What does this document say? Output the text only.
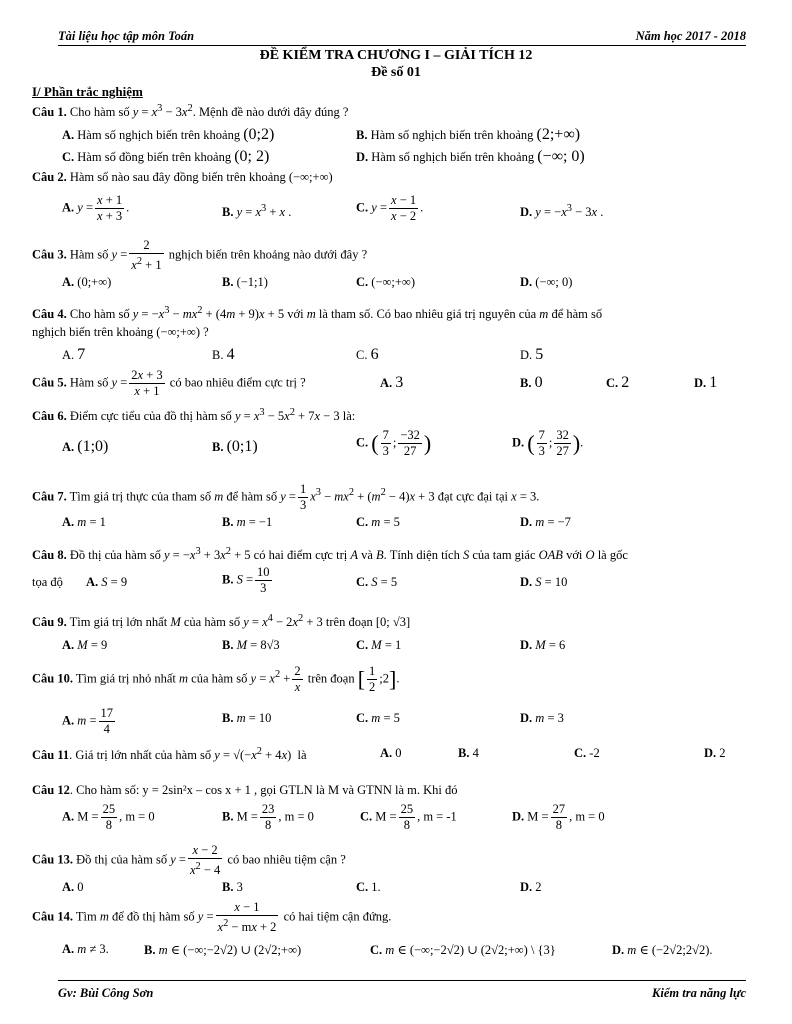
Tài liệu học tập môn Toán	Năm học 2017 - 2018
ĐỀ KIỂM TRA CHƯƠNG I – GIẢI TÍCH 12
Đề số 01
I/ Phần trắc nghiệm
Câu 1. Cho hàm số $y = x^3 - 3x^2$. Mệnh đề nào dưới đây đúng ?
A. Hàm số nghịch biến trên khoảng (0;2)	B. Hàm số nghịch biến trên khoảng (2;+∞)
C. Hàm số đồng biến trên khoảng (0; 2)	D. Hàm số nghịch biến trên khoảng (−∞; 0)
Câu 2. Hàm số nào sau đây đồng biến trên khoảng (−∞;+∞)
A. $y = \frac{x + 1}{x + 3}$ .	B. $y = x^3 + x$ .	C. $y = \frac{x - 1}{x - 2}$ .	D. $y = -x^3 - 3x$ .
Câu 3. Hàm số $y = \frac{2}{x^2 + 1}$ nghịch biến trên khoảng nào dưới đây ?
A. (0;+∞)	B. (−1;1)	C. (−∞;+∞)	D. (−∞; 0)
Câu 4. Cho hàm số $y = -x^3 - mx^2 + (4m + 9)x + 5$ với m là tham số. Có bao nhiêu giá trị nguyên của m để hàm số
nghịch biến trên khoảng (−∞;+∞) ?
A. 7	B. 4	C. 6	D. 5
Câu 5. Hàm số $y = \frac{2x + 3}{x + 1}$ có bao nhiêu điểm cực trị ?	A. 3	B. 0	C. 2	D. 1
Câu 6. Điểm cực tiểu của đồ thị hàm số $y = x^3 - 5x^2 + 7x - 3$ là:
A. (1;0)	B. (0;1)	C. ( $\frac{7}{3}$ ; $\frac{-32}{27}$ )	D. ( $\frac{7}{3}$ ; $\frac{32}{27}$ ).
Câu 7. Tìm giá trị thực của tham số m để hàm số $y = \frac{1}{3} x^3 - mx^2 + (m^2 - 4)x + 3$ đạt cực đại tại x = 3.
A. m = 1	B. m = −1	C. m = 5	D. m = −7
Câu 8. Đồ thị của hàm số $y = -x^3 + 3x^2 + 5$ có hai điểm cực trị A và B. Tính diện tích S của tam giác OAB với O là gốc
tọa độ A. S = 9	B. $S = \frac{10}{3}$	C. S = 5	D. S = 10
Câu 9. Tìm giá trị lớn nhất M của hàm số $y = x^4 - 2x^2 + 3$ trên đoạn [0; √3]
A. M = 9	B. M = 8√3	C. M = 1	D. M = 6
Câu 10. Tìm giá trị nhỏ nhất m của hàm số $y = x^2 + \frac{2}{x}$ trên đoạn [ $\frac{1}{2}$ ;2].
A. $m = \frac{17}{4}$	B. m = 10	C. m = 5	D. m = 3
Câu 11. Giá trị lớn nhất của hàm số $y = √(-x^2 + 4x)$  là	A. 0	B. 4	C. -2	D. 2
Câu 12. Cho hàm số: y = 2sin²x – cos x + 1 , gọi GTLN là M và GTNN là m. Khi đó
A. $M = \frac{25}{8}$ , m = 0	B. $M = \frac{23}{8}$ , m = 0	C. $M = \frac{25}{8}$ , m = -1	D. $M = \frac{27}{8}$ , m = 0
Câu 13. Đồ thị của hàm số $y = \frac{x - 2}{x^2 - 4}$ có bao nhiêu tiệm cận ?
A. 0	B. 3	C. 1.	D. 2
Câu 14. Tìm m để đồ thị hàm số $y = \frac{x - 1}{x^2 - mx + 2}$ có hai tiệm cận đứng.
A. m ≠ 3.	B. m ∈ (−∞;−2√2) ∪ (2√2;+∞)	C. m ∈ (−∞;−2√2) ∪ (2√2;+∞) \ {3}	D. m ∈ (−2√2;2√2).
Gv: Bùi Công Sơn	Kiểm tra năng lực
